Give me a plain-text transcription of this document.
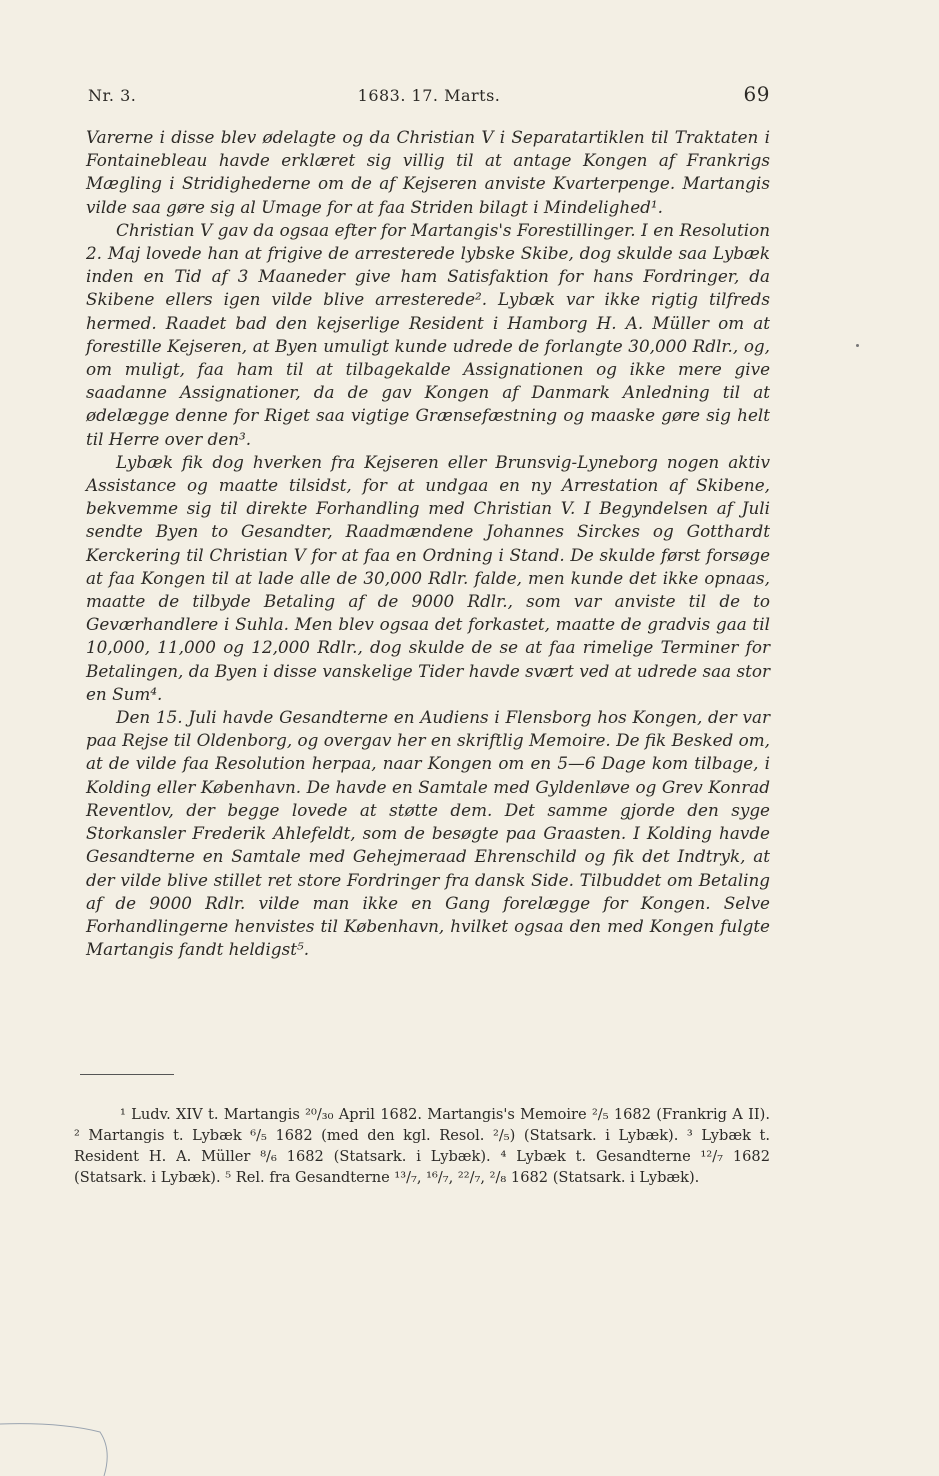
Nr. 3.	1683. 17. Marts.	69

Varerne i disse blev ødelagte og da Christian V i Separatartiklen til Traktaten i Fontainebleau havde erklæret sig villig til at antage Kongen af Frankrigs Mægling i Stridighederne om de af Kejseren anviste Kvarterpenge. Martangis vilde saa gøre sig al Umage for at faa Striden bilagt i Mindelighed¹.

Christian V gav da ogsaa efter for Martangis's Forestillinger. I en Resolution 2. Maj lovede han at frigive de arresterede lybske Skibe, dog skulde saa Lybæk inden en Tid af 3 Maaneder give ham Satisfaktion for hans Fordringer, da Skibene ellers igen vilde blive arresterede². Lybæk var ikke rigtig tilfreds hermed. Raadet bad den kejserlige Resident i Hamborg H. A. Müller om at forestille Kejseren, at Byen umuligt kunde udrede de forlangte 30,000 Rdlr., og, om muligt, faa ham til at tilbagekalde Assignationen og ikke mere give saadanne Assignationer, da de gav Kongen af Danmark Anledning til at ødelægge denne for Riget saa vigtige Grænsefæstning og maaske gøre sig helt til Herre over den³.

Lybæk fik dog hverken fra Kejseren eller Brunsvig-Lyneborg nogen aktiv Assistance og maatte tilsidst, for at undgaa en ny Arrestation af Skibene, bekvemme sig til direkte Forhandling med Christian V. I Begyndelsen af Juli sendte Byen to Gesandter, Raadmændene Johannes Sirckes og Gotthardt Kerckering til Christian V for at faa en Ordning i Stand. De skulde først forsøge at faa Kongen til at lade alle de 30,000 Rdlr. falde, men kunde det ikke opnaas, maatte de tilbyde Betaling af de 9000 Rdlr., som var anviste til de to Geværhandlere i Suhla. Men blev ogsaa det forkastet, maatte de gradvis gaa til 10,000, 11,000 og 12,000 Rdlr., dog skulde de se at faa rimelige Terminer for Betalingen, da Byen i disse vanskelige Tider havde svært ved at udrede saa stor en Sum⁴.

Den 15. Juli havde Gesandterne en Audiens i Flensborg hos Kongen, der var paa Rejse til Oldenborg, og overgav her en skriftlig Memoire. De fik Besked om, at de vilde faa Resolution herpaa, naar Kongen om en 5—6 Dage kom tilbage, i Kolding eller København. De havde en Samtale med Gyldenløve og Grev Konrad Reventlov, der begge lovede at støtte dem. Det samme gjorde den syge Storkansler Frederik Ahlefeldt, som de besøgte paa Graasten. I Kolding havde Gesandterne en Samtale med Gehejmeraad Ehrenschild og fik det Indtryk, at der vilde blive stillet ret store Fordringer fra dansk Side. Tilbuddet om Betaling af de 9000 Rdlr. vilde man ikke en Gang forelægge for Kongen. Selve Forhandlingerne henvistes til København, hvilket ogsaa den med Kongen fulgte Martangis fandt heldigst⁵.

¹ Ludv. XIV t. Martangis ²⁰/₃₀ April 1682. Martangis's Memoire ²/₅ 1682 (Frankrig A II). ² Martangis t. Lybæk ⁶/₅ 1682 (med den kgl. Resol. ²/₅) (Statsark. i Lybæk). ³ Lybæk t. Resident H. A. Müller ⁸/₆ 1682 (Statsark. i Lybæk). ⁴ Lybæk t. Gesandterne ¹²/₇ 1682 (Statsark. i Lybæk). ⁵ Rel. fra Gesandterne ¹³/₇, ¹⁶/₇, ²²/₇, ²/₈ 1682 (Statsark. i Lybæk).
